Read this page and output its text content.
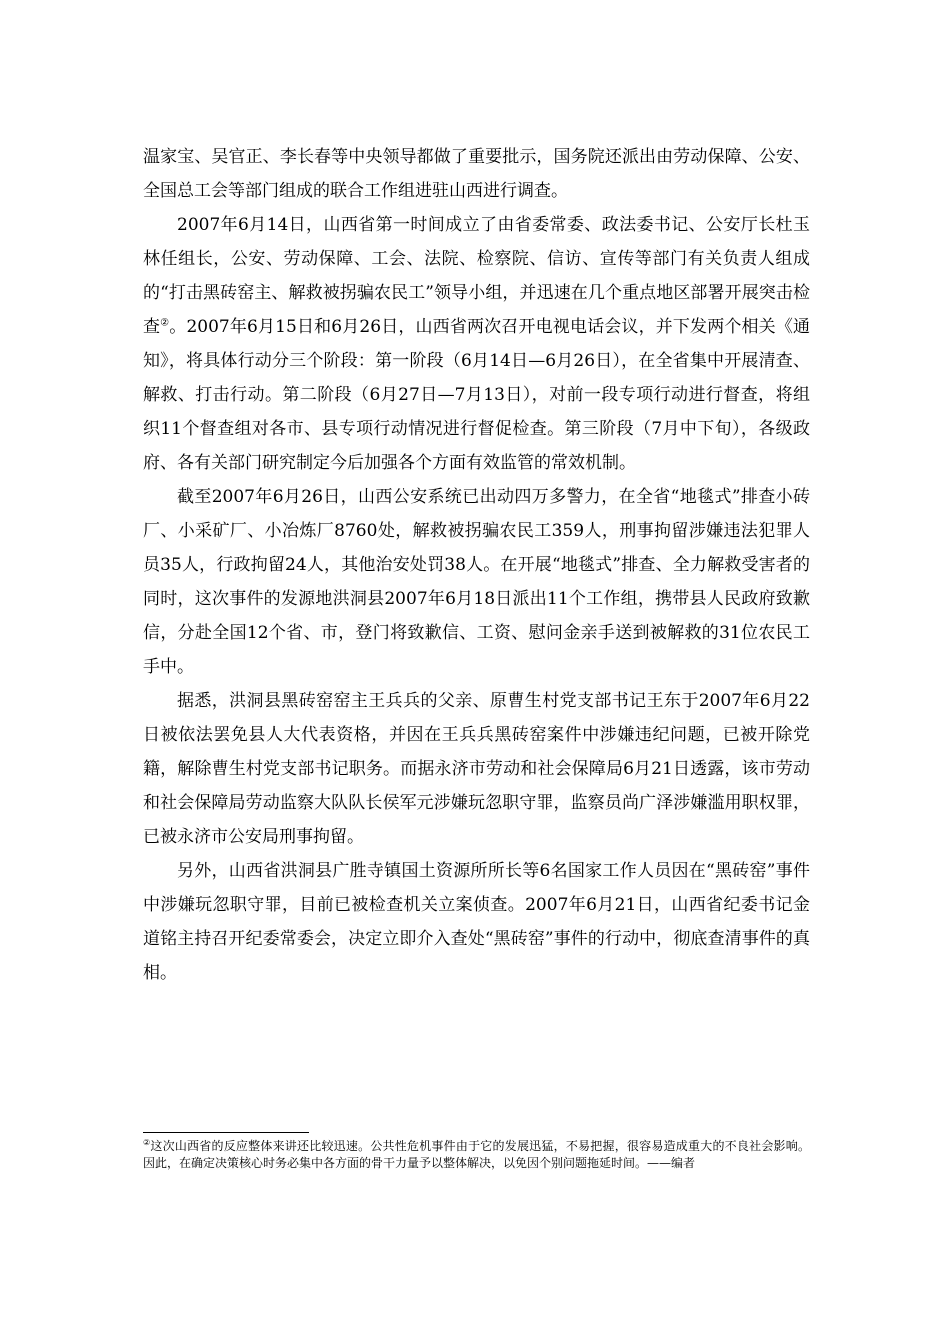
温家宝、吴官正、李长春等中央领导都做了重要批示，国务院还派出由劳动保障、公安、全国总工会等部门组成的联合工作组进驻山西进行调查。

2007年6月14日，山西省第一时间成立了由省委常委、政法委书记、公安厅长杜玉林任组长，公安、劳动保障、工会、法院、检察院、信访、宣传等部门有关负责人组成的“打击黑砖窑主、解救被拐骗农民工”领导小组，并迅速在几个重点地区部署开展突击检查②。2007年6月15日和6月26日，山西省两次召开电视电话会议，并下发两个相关《通知》，将具体行动分三个阶段：第一阶段（6月14日—6月26日），在全省集中开展清查、解救、打击行动。第二阶段（6月27日—7月13日），对前一段专项行动进行督查，将组织11个督查组对各市、县专项行动情况进行督促检查。第三阶段（7月中下旬），各级政府、各有关部门研究制定今后加强各个方面有效监管的常效机制。

截至2007年6月26日，山西公安系统已出动四万多警力，在全省“地毯式”排查小砖厂、小采矿厂、小冶炼厂8760处，解救被拐骗农民工359人，刑事拘留涉嫌违法犯罪人员35人，行政拘留24人，其他治安处罚38人。在开展“地毯式”排查、全力解救受害者的同时，这次事件的发源地洪洞县2007年6月18日派出11个工作组，携带县人民政府致歉信，分赴全国12个省、市，登门将致歉信、工资、慰问金亲手送到被解救的31位农民工手中。

据悉，洪洞县黑砖窑窑主王兵兵的父亲、原曹生村党支部书记王东于2007年6月22日被依法罢免县人大代表资格，并因在王兵兵黑砖窑案件中涉嫌违纪问题，已被开除党籍，解除曹生村党支部书记职务。而据永济市劳动和社会保障局6月21日透露，该市劳动和社会保障局劳动监察大队队长侯军元涉嫌玩忽职守罪，监察员尚广泽涉嫌滥用职权罪，已被永济市公安局刑事拘留。

另外，山西省洪洞县广胜寺镇国土资源所所长等6名国家工作人员因在“黑砖窑”事件中涉嫌玩忽职守罪，目前已被检查机关立案侦查。2007年6月21日，山西省纪委书记金道铭主持召开纪委常委会，决定立即介入查处“黑砖窑”事件的行动中，彻底查清事件的真相。

②这次山西省的反应整体来讲还比较迅速。公共性危机事件由于它的发展迅猛，不易把握，很容易造成重大的不良社会影响。因此，在确定决策核心时务必集中各方面的骨干力量予以整体解决，以免因个别问题拖延时间。——编者
